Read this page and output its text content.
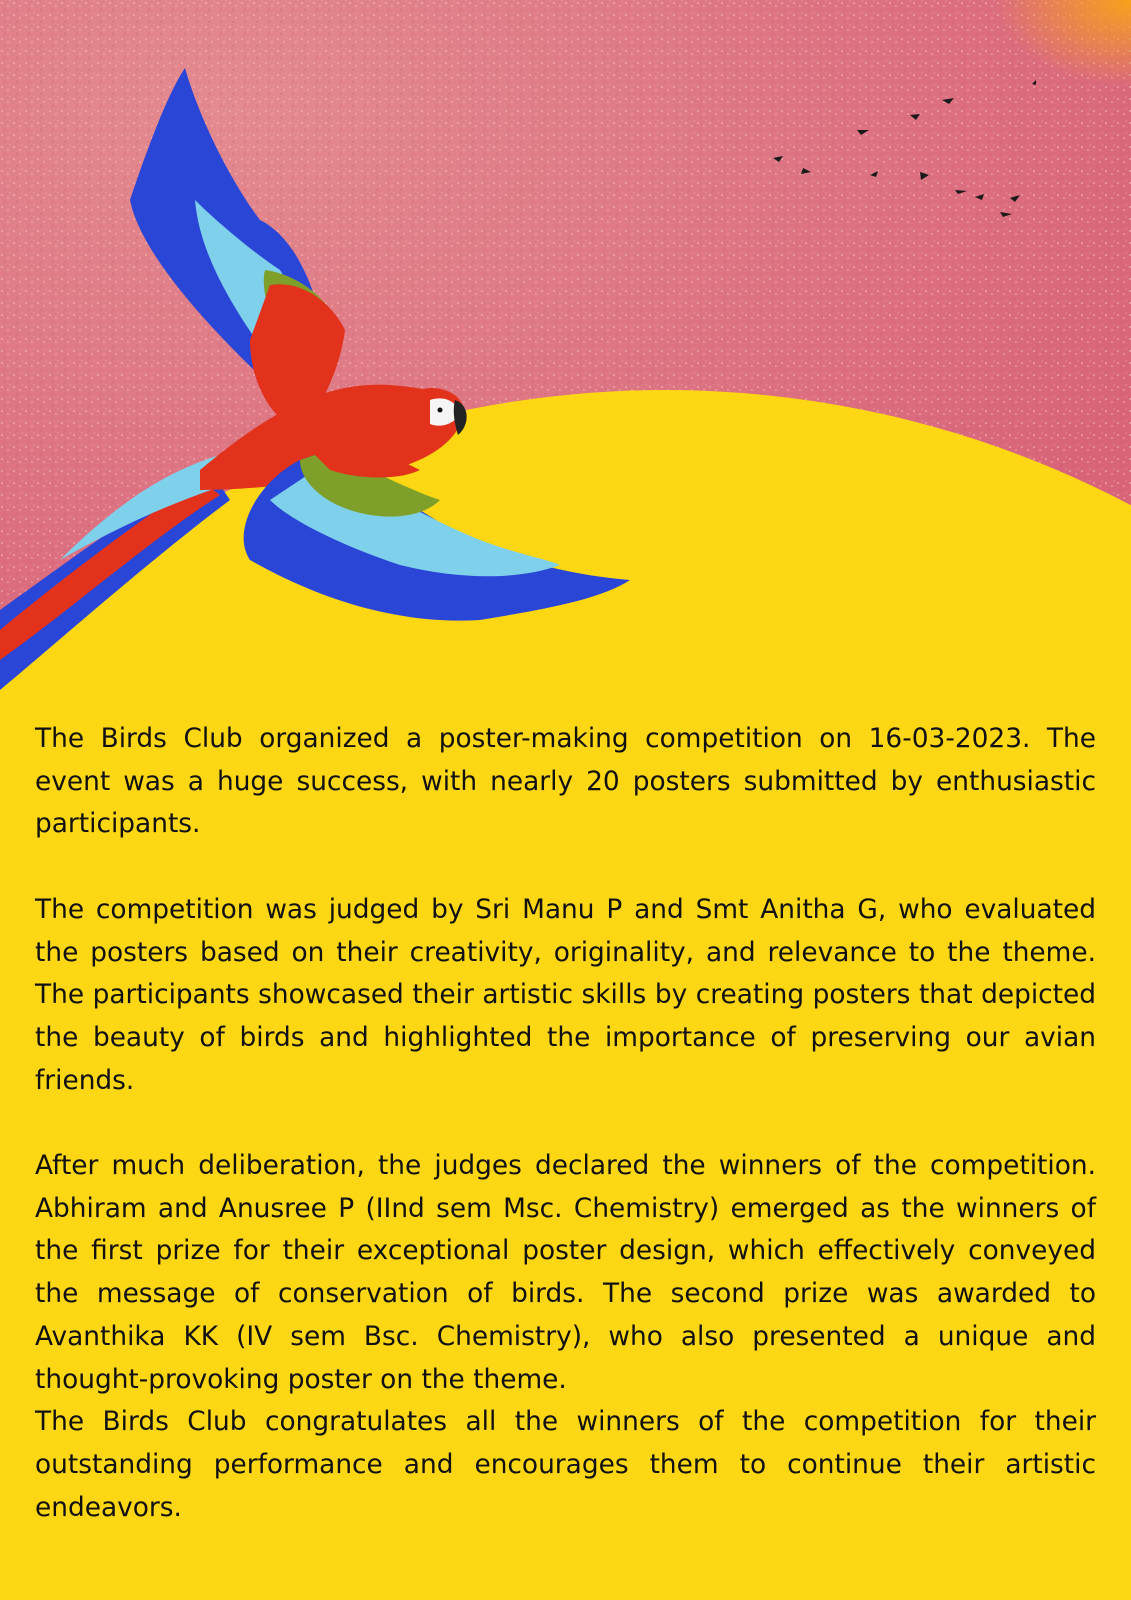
The Birds Club organized a poster-making competition on 16-03-2023. The event was a huge success, with nearly 20 posters submitted by enthusiastic participants.

The competition was judged by Sri Manu P and Smt Anitha G, who evaluated the posters based on their creativity, originality, and relevance to the theme. The participants showcased their artistic skills by creating posters that depicted the beauty of birds and highlighted the importance of preserving our avian friends.

After much deliberation, the judges declared the winners of the competition. Abhiram and Anusree P (IInd sem Msc. Chemistry) emerged as the winners of the first prize for their exceptional poster design, which effectively conveyed the message of conservation of birds. The second prize was awarded to Avanthika KK (IV sem Bsc. Chemistry), who also presented a unique and thought-provoking poster on the theme.

The Birds Club congratulates all the winners of the competition for their outstanding performance and encourages them to continue their artistic endeavors.
